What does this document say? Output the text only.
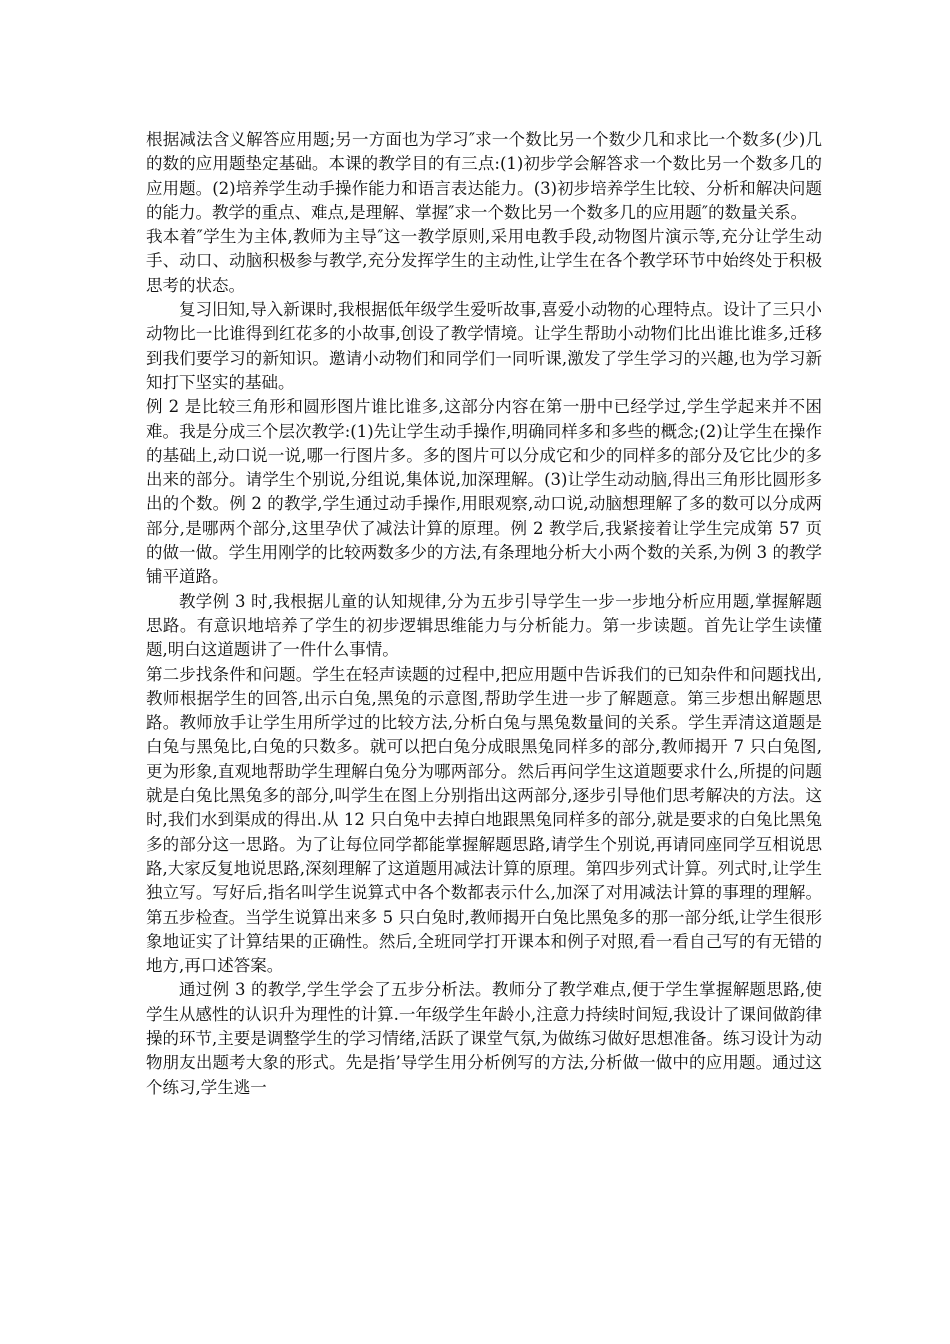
根据减法含义解答应用题;另一方面也为学习″求一个数比另一个数少几和求比一个数多(少)几的数的应用题垫定基础。本课的教学目的有三点:(1)初步学会解答求一个数比另一个数多几的应用题。(2)培养学生动手操作能力和语言表达能力。(3)初步培养学生比较、分析和解决问题的能力。教学的重点、难点,是理解、掌握″求一个数比另一个数多几的应用题″的数量关系。

我本着″学生为主体,教师为主导″这一教学原则,采用电教手段,动物图片演示等,充分让学生动手、动口、动脑积极参与教学,充分发挥学生的主动性,让学生在各个教学环节中始终处于积极思考的状态。

复习旧知,导入新课时,我根据低年级学生爱听故事,喜爱小动物的心理特点。设计了三只小动物比一比谁得到红花多的小故事,创设了教学情境。让学生帮助小动物们比出谁比谁多,迁移到我们要学习的新知识。邀请小动物们和同学们一同听课,激发了学生学习的兴趣,也为学习新知打下坚实的基础。

例 2 是比较三角形和圆形图片谁比谁多,这部分内容在第一册中已经学过,学生学起来并不困难。我是分成三个层次教学:(1)先让学生动手操作,明确同样多和多些的概念;(2)让学生在操作的基础上,动口说一说,哪一行图片多。多的图片可以分成它和少的同样多的部分及它比少的多出来的部分。请学生个别说,分组说,集体说,加深理解。(3)让学生动动脑,得出三角形比圆形多出的个数。例 2 的教学,学生通过动手操作,用眼观察,动口说,动脑想理解了多的数可以分成两部分,是哪两个部分,这里孕伏了减法计算的原理。例 2 教学后,我紧接着让学生完成第 57 页的做一做。学生用刚学的比较两数多少的方法,有条理地分析大小两个数的关系,为例 3 的教学铺平道路。

教学例 3 时,我根据儿童的认知规律,分为五步引导学生一步一步地分析应用题,掌握解题思路。有意识地培养了学生的初步逻辑思维能力与分析能力。第一步读题。首先让学生读懂题,明白这道题讲了一件什么事情。

第二步找条件和问题。学生在轻声读题的过程中,把应用题中告诉我们的已知杂件和问题找出,教师根据学生的回答,出示白兔,黑兔的示意图,帮助学生进一步了解题意。第三步想出解题思路。教师放手让学生用所学过的比较方法,分析白兔与黑兔数量间的关系。学生弄清这道题是白兔与黑兔比,白兔的只数多。就可以把白兔分成眼黑兔同样多的部分,教师揭开 7 只白兔图,更为形象,直观地帮助学生理解白兔分为哪两部分。然后再问学生这道题要求什么,所提的问题就是白兔比黑兔多的部分,叫学生在图上分别指出这两部分,逐步引导他们思考解决的方法。这时,我们水到渠成的得出.从 12 只白兔中去掉白地跟黑兔同样多的部分,就是要求的白兔比黑兔多的部分这一思路。为了让每位同学都能掌握解题思路,请学生个别说,再请同座同学互相说思路,大家反复地说思路,深刻理解了这道题用减法计算的原理。第四步列式计算。列式时,让学生独立写。写好后,指名叫学生说算式中各个数都表示什么,加深了对用减法计算的事理的理解。第五步检查。当学生说算出来多 5 只白兔时,教师揭开白兔比黑兔多的那一部分纸,让学生很形象地证实了计算结果的正确性。然后,全班同学打开课本和例子对照,看一看自己写的有无错的地方,再口述答案。

通过例 3 的教学,学生学会了五步分析法。教师分了教学难点,便于学生掌握解题思路,使学生从感性的认识升为理性的计算.一年级学生年龄小,注意力持续时间短,我设计了课间做韵律操的环节,主要是调整学生的学习情绪,活跃了课堂气氛,为做练习做好思想准备。练习设计为动物朋友出题考大象的形式。先是指’导学生用分析例写的方法,分析做一做中的应用题。通过这个练习,学生逃一
